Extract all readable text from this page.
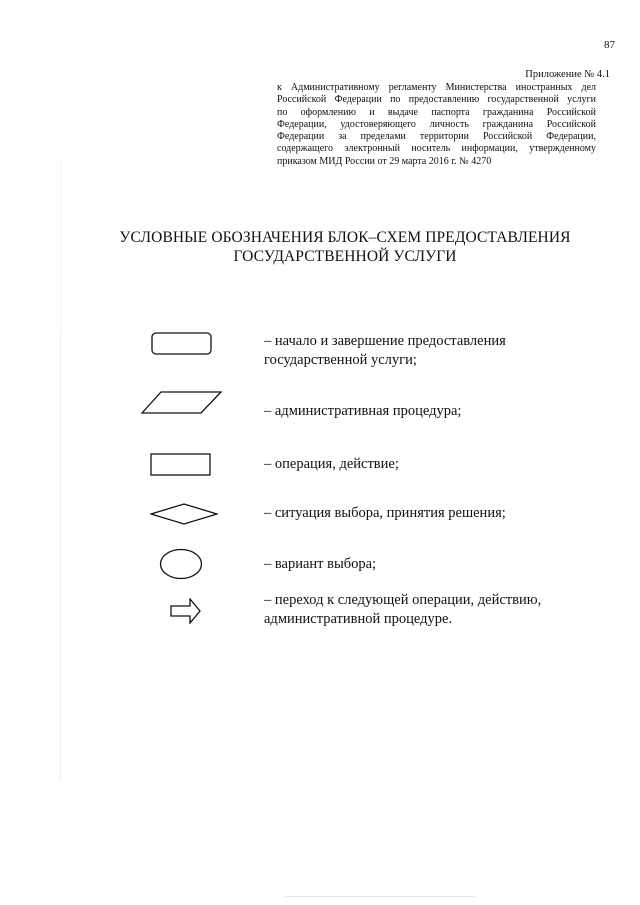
87
Приложение № 4.1
к Административному регламенту Министерства иностранных дел
Российской Федерации по предоставлению государственной услуги
по оформлению и выдаче паспорта гражданина Российской
Федерации, удостоверяющего личность гражданина Российской
Федерации за пределами территории Российской Федерации,
содержащего электронный носитель информации, утвержденному
приказом МИД России от 29 марта 2016 г. № 4270
УСЛОВНЫЕ ОБОЗНАЧЕНИЯ БЛОК–СХЕМ ПРЕДОСТАВЛЕНИЯ
ГОСУДАРСТВЕННОЙ УСЛУГИ
– начало и завершение предоставления
государственной услуги;
– административная процедура;
– операция, действие;
– ситуация выбора, принятия решения;
– вариант выбора;
– переход к следующей операции, действию,
административной процедуре.
